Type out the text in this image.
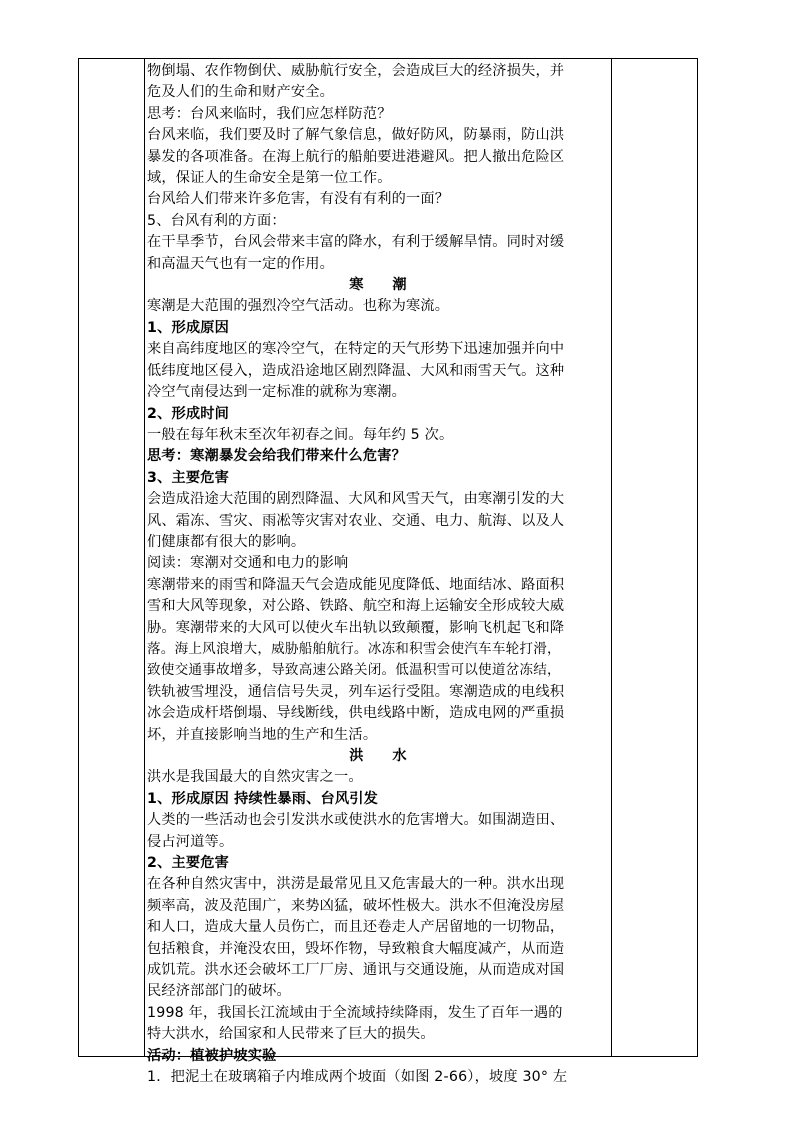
物倒塌、农作物倒伏、威胁航行安全，会造成巨大的经济损失，并

危及人们的生命和财产安全。

思考：台风来临时，我们应怎样防范？

台风来临，我们要及时了解气象信息，做好防风，防暴雨，防山洪

暴发的各项准备。在海上航行的船舶要进港避风。把人撤出危险区

域，保证人的生命安全是第一位工作。

台风给人们带来许多危害，有没有有利的一面？

5、台风有利的方面：

在干旱季节，台风会带来丰富的降水，有利于缓解旱情。同时对缓

和高温天气也有一定的作用。

寒　　潮

寒潮是大范围的强烈冷空气活动。也称为寒流。

1、形成原因

来自高纬度地区的寒冷空气，在特定的天气形势下迅速加强并向中

低纬度地区侵入，造成沿途地区剧烈降温、大风和雨雪天气。这种

冷空气南侵达到一定标准的就称为寒潮。

2、形成时间

一般在每年秋末至次年初春之间。每年约 5 次。

思考：寒潮暴发会给我们带来什么危害？

3、主要危害

会造成沿途大范围的剧烈降温、大风和风雪天气，由寒潮引发的大

风、霜冻、雪灾、雨凇等灾害对农业、交通、电力、航海、以及人

们健康都有很大的影响。

阅读：寒潮对交通和电力的影响

寒潮带来的雨雪和降温天气会造成能见度降低、地面结冰、路面积

雪和大风等现象，对公路、铁路、航空和海上运输安全形成较大威

胁。寒潮带来的大风可以使火车出轨以致颠覆，影响飞机起飞和降

落。海上风浪增大，威胁船舶航行。冰冻和积雪会使汽车车轮打滑，

致使交通事故增多，导致高速公路关闭。低温积雪可以使道岔冻结，

铁轨被雪埋没，通信信号失灵，列车运行受阻。寒潮造成的电线积

冰会造成杆塔倒塌、导线断线，供电线路中断，造成电网的严重损

坏，并直接影响当地的生产和生活。

洪　　水

洪水是我国最大的自然灾害之一。

1、形成原因 持续性暴雨、台风引发

人类的一些活动也会引发洪水或使洪水的危害增大。如围湖造田、

侵占河道等。

2、主要危害

在各种自然灾害中，洪涝是最常见且又危害最大的一种。洪水出现

频率高，波及范围广，来势凶猛，破坏性极大。洪水不但淹没房屋

和人口，造成大量人员伤亡，而且还卷走人产居留地的一切物品，

包括粮食，并淹没农田，毁坏作物，导致粮食大幅度减产，从而造

成饥荒。洪水还会破坏工厂厂房、通讯与交通设施，从而造成对国

民经济部部门的破坏。

1998 年，我国长江流域由于全流域持续降雨，发生了百年一遇的

特大洪水，给国家和人民带来了巨大的损失。

活动：植被护坡实验

1．把泥土在玻璃箱子内堆成两个坡面（如图 2-66），坡度 30° 左
